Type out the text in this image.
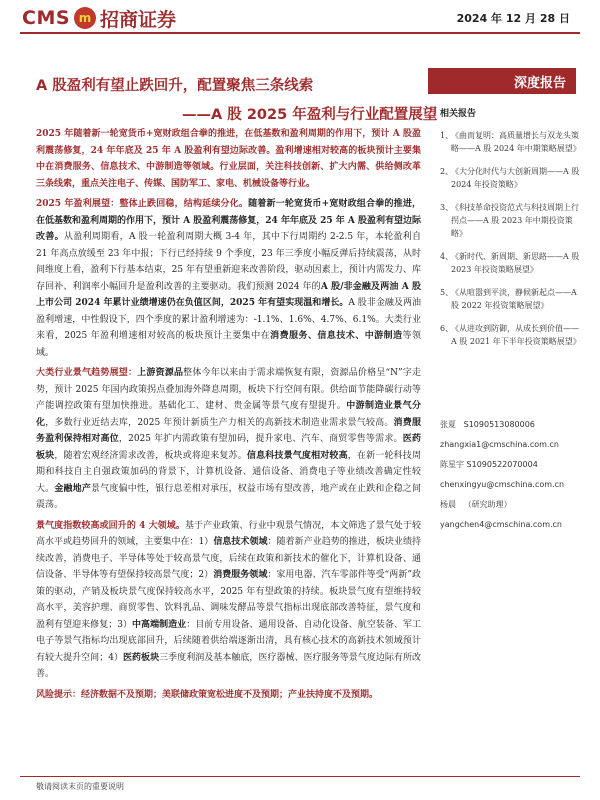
CMS m 招商证券	2024 年 12 月 28 日
A 股盈利有望止跌回升，配置聚焦三条线索
——A 股 2025 年盈利与行业配置展望
深度报告

2025 年随着新一轮宽货币+宽财政组合拳的推进，在低基数和盈利周期的作用下，预计 A 股盈利震荡修复，24 年年底及 25 年 A 股盈利有望边际改善。盈利增速相对较高的板块预计主要集中在消费服务、信息技术、中游制造等领域。行业层面，关注科技创新、扩大内需、供给侧改革三条线索，重点关注电子、传媒、国防军工、家电、机械设备等行业。

2025 年盈利展望：整体止跌回稳，结构延续分化。随着新一轮宽货币+宽财政组合拳的推进，在低基数和盈利周期的作用下，预计 A 股盈利震荡修复，24 年年底及 25 年 A 股盈利有望边际改善。从盈利周期看，A 股一轮盈利周期大概 3-4 年，其中下行周期约 2-2.5 年，本轮盈利自 21 年高点放缓至 23 年中报；下行已经持续 9 个季度，23 年三季度小幅反弹后持续震荡，从时间维度上看，盈利下行基本结束，25 年有望重新迎来改善阶段，驱动因素上，预计内需发力、库存回补、利润率小幅回升是盈利改善的主要驱动。我们预测 2024 年的A 股/非金融及两油 A 股上市公司 2024 年累计业绩增速仍在负值区间，2025 年有望实现温和增长。A 股非金融及两油盈利增速，中性假设下，四个季度的累计盈利增速为：-1.1%、1.6%、4.7%、6.1%。大类行业来看，2025 年盈利增速相对较高的板块预计主要集中在消费服务、信息技术、中游制造等领域。

大类行业景气趋势展望：上游资源品整体今年以来由于需求端恢复有限，资源品价格呈“N”字走势，预计 2025 年国内政策拐点叠加海外降息周期，板块下行空间有限。供给面节能降碳行动等产能调控政策有望加快推进。基础化工、建材、贵金属等景气度有望提升。中游制造业景气分化，多数行业近结去库，2025 年预计新质生产力相关的高新技术制造业需求景气较高。消费服务盈利保持相对高位，2025 年扩内需政策有望加码，提升家电、汽车、商贸零售等需求。医药板块，随着宏观经济需求改善，板块或将迎来复苏。信息科技景气度相对较高，在新一轮科技周期和科技自主自强政策加码的背景下，计算机设备、通信设备、消费电子等业绩改善确定性较大。金融地产景气度偏中性，银行息差相对承压，权益市场有望改善，地产或在止跌和企稳之间震荡。

景气度指数较高或回升的 4 大领域。基于产业政策、行业中观景气情况，本文筛选了景气处于较高水平或趋势回升的领域，主要集中在：1）信息技术领域：随着新产业趋势的推进，板块业绩持续改善，消费电子、半导体等处于较高景气度，后续在政策和新技术的催化下，计算机设备、通信设备、半导体等有望保持较高景气度；2）消费服务领域：家用电器、汽车零部件等受“两新”政策的驱动，产销及板块景气度保持较高水平，2025 年有望政策的持续。板块景气度有望维持较高水平，美容护理、商贸零售、饮料乳品、调味发酵品等景气指标出现底部改善特征，景气度和盈利有望迎来修复；3）中高端制造业：目前专用设备、通用设备、自动化设备、航空装备、军工电子等景气指标均出现底部回升，后续随着供给端逐渐出清，具有核心技术的高新技术领域预计有较大提升空间；4）医药板块三季度利润及基本触底，医疗器械、医疗服务等景气度边际有所改善。

风险提示：经济数据不及预期；美联储政策宽松进度不及预期；产业扶持度不及预期。

相关报告
1、
《曲而复明：高质量增长与双龙头策略——A 股 2024 年中期策略展望》
2、
《大分化时代与大创新周期——A 股 2024 年投资策略》
3、
《科技革命投资范式与科技周期上行拐点——A 股 2023 年中期投资策略》
4、
《新时代、新周期、新思路——A 股 2023 年投资策略展望》
5、
《从喧嚣到平淡，静候新起点——A 股 2022 年投资策略展望》
6、
《从进攻到防御，从成长到价值——A 股 2021 年下半年投资策略展望》
张夏 S1090513080006
zhangxia1@cmschina.com.cn
陈星宇 S1090522070004
chenxingyu@cmschina.com.cn
杨晨 （研究助理）
yangchen4@cmschina.com.cn
敬请阅读末页的重要说明
